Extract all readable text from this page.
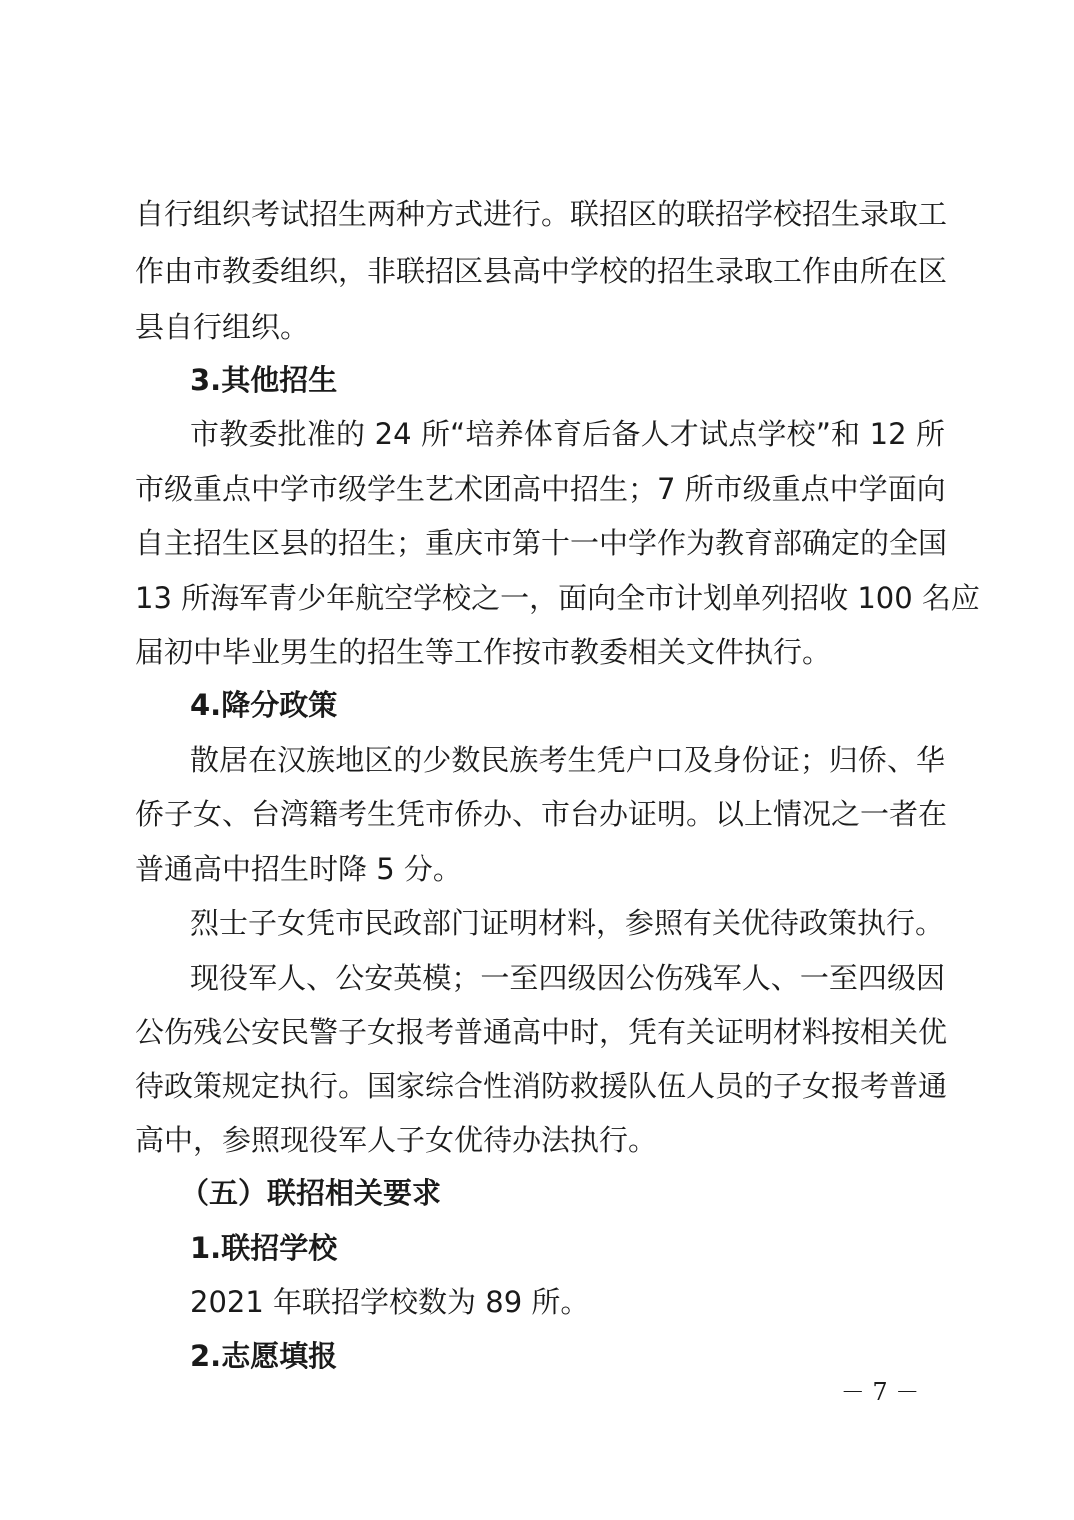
自行组织考试招生两种方式进行。联招区的联招学校招生录取工
作由市教委组织，非联招区县高中学校的招生录取工作由所在区
县自行组织。
3.其他招生
市教委批准的 24 所“培养体育后备人才试点学校”和 12 所
市级重点中学市级学生艺术团高中招生；7 所市级重点中学面向
自主招生区县的招生；重庆市第十一中学作为教育部确定的全国
13 所海军青少年航空学校之一，面向全市计划单列招收 100 名应
届初中毕业男生的招生等工作按市教委相关文件执行。
4.降分政策
散居在汉族地区的少数民族考生凭户口及身份证；归侨、华
侨子女、台湾籍考生凭市侨办、市台办证明。以上情况之一者在
普通高中招生时降 5 分。
烈士子女凭市民政部门证明材料，参照有关优待政策执行。
现役军人、公安英模；一至四级因公伤残军人、一至四级因
公伤残公安民警子女报考普通高中时，凭有关证明材料按相关优
待政策规定执行。国家综合性消防救援队伍人员的子女报考普通
高中，参照现役军人子女优待办法执行。
（五）联招相关要求
1.联招学校
2021 年联招学校数为 89 所。
2.志愿填报
－ 7 －
